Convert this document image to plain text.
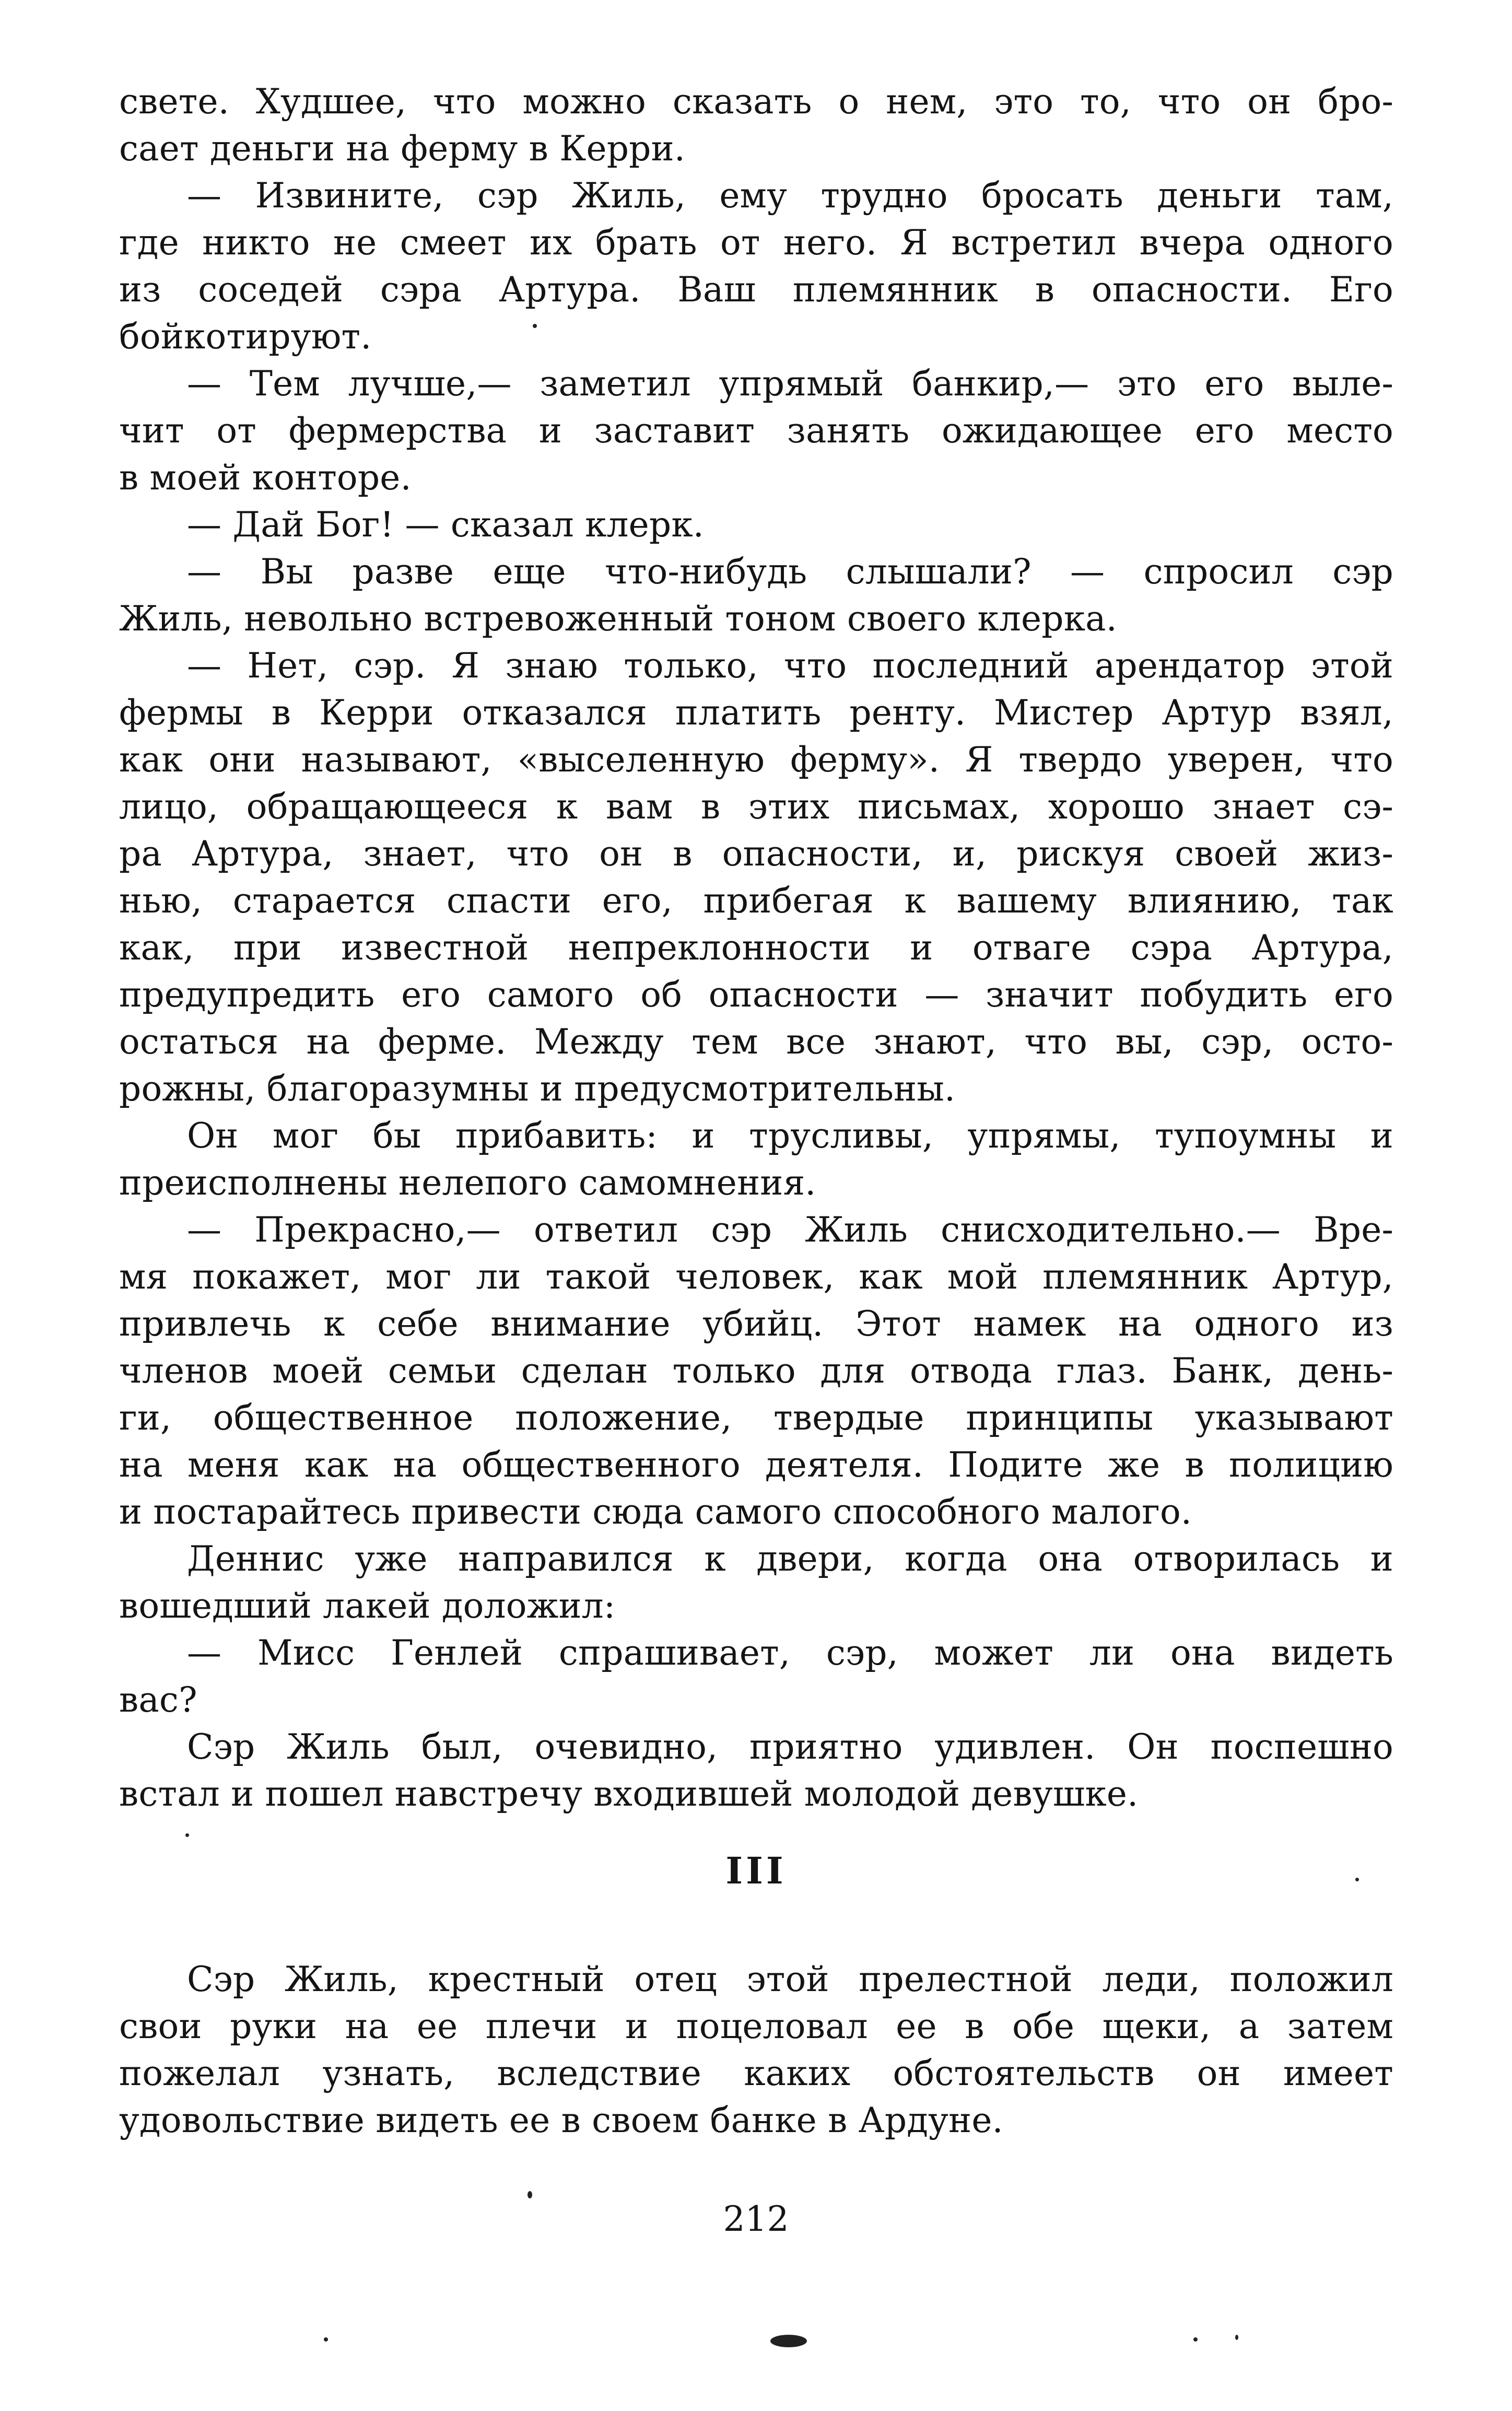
свете. Худшее, что можно сказать о нем, это то, что он бро-
сает деньги на ферму в Керри.
— Извините, сэр Жиль, ему трудно бросать деньги там,
где никто не смеет их брать от него. Я встретил вчера одного
из соседей сэра Артура. Ваш племянник в опасности. Его
бойкотируют.
— Тем лучше,— заметил упрямый банкир,— это его выле-
чит от фермерства и заставит занять ожидающее его место
в моей конторе.
— Дай Бог! — сказал клерк.
— Вы разве еще что-нибудь слышали? — спросил сэр
Жиль, невольно встревоженный тоном своего клерка.
— Нет, сэр. Я знаю только, что последний арендатор этой
фермы в Керри отказался платить ренту. Мистер Артур взял,
как они называют, «выселенную ферму». Я твердо уверен, что
лицо, обращающееся к вам в этих письмах, хорошо знает сэ-
ра Артура, знает, что он в опасности, и, рискуя своей жиз-
нью, старается спасти его, прибегая к вашему влиянию, так
как, при известной непреклонности и отваге сэра Артура,
предупредить его самого об опасности — значит побудить его
остаться на ферме. Между тем все знают, что вы, сэр, осто-
рожны, благоразумны и предусмотрительны.
Он мог бы прибавить: и трусливы, упрямы, тупоумны и
преисполнены нелепого самомнения.
— Прекрасно,— ответил сэр Жиль снисходительно.— Вре-
мя покажет, мог ли такой человек, как мой племянник Артур,
привлечь к себе внимание убийц. Этот намек на одного из
членов моей семьи сделан только для отвода глаз. Банк, день-
ги, общественное положение, твердые принципы указывают
на меня как на общественного деятеля. Подите же в полицию
и постарайтесь привести сюда самого способного малого.
Деннис уже направился к двери, когда она отворилась и
вошедший лакей доложил:
— Мисс Генлей спрашивает, сэр, может ли она видеть
вас?
Сэр Жиль был, очевидно, приятно удивлен. Он поспешно
встал и пошел навстречу входившей молодой девушке.
III
Сэр Жиль, крестный отец этой прелестной леди, положил
свои руки на ее плечи и поцеловал ее в обе щеки, а затем
пожелал узнать, вследствие каких обстоятельств он имеет
удовольствие видеть ее в своем банке в Ардуне.
212
